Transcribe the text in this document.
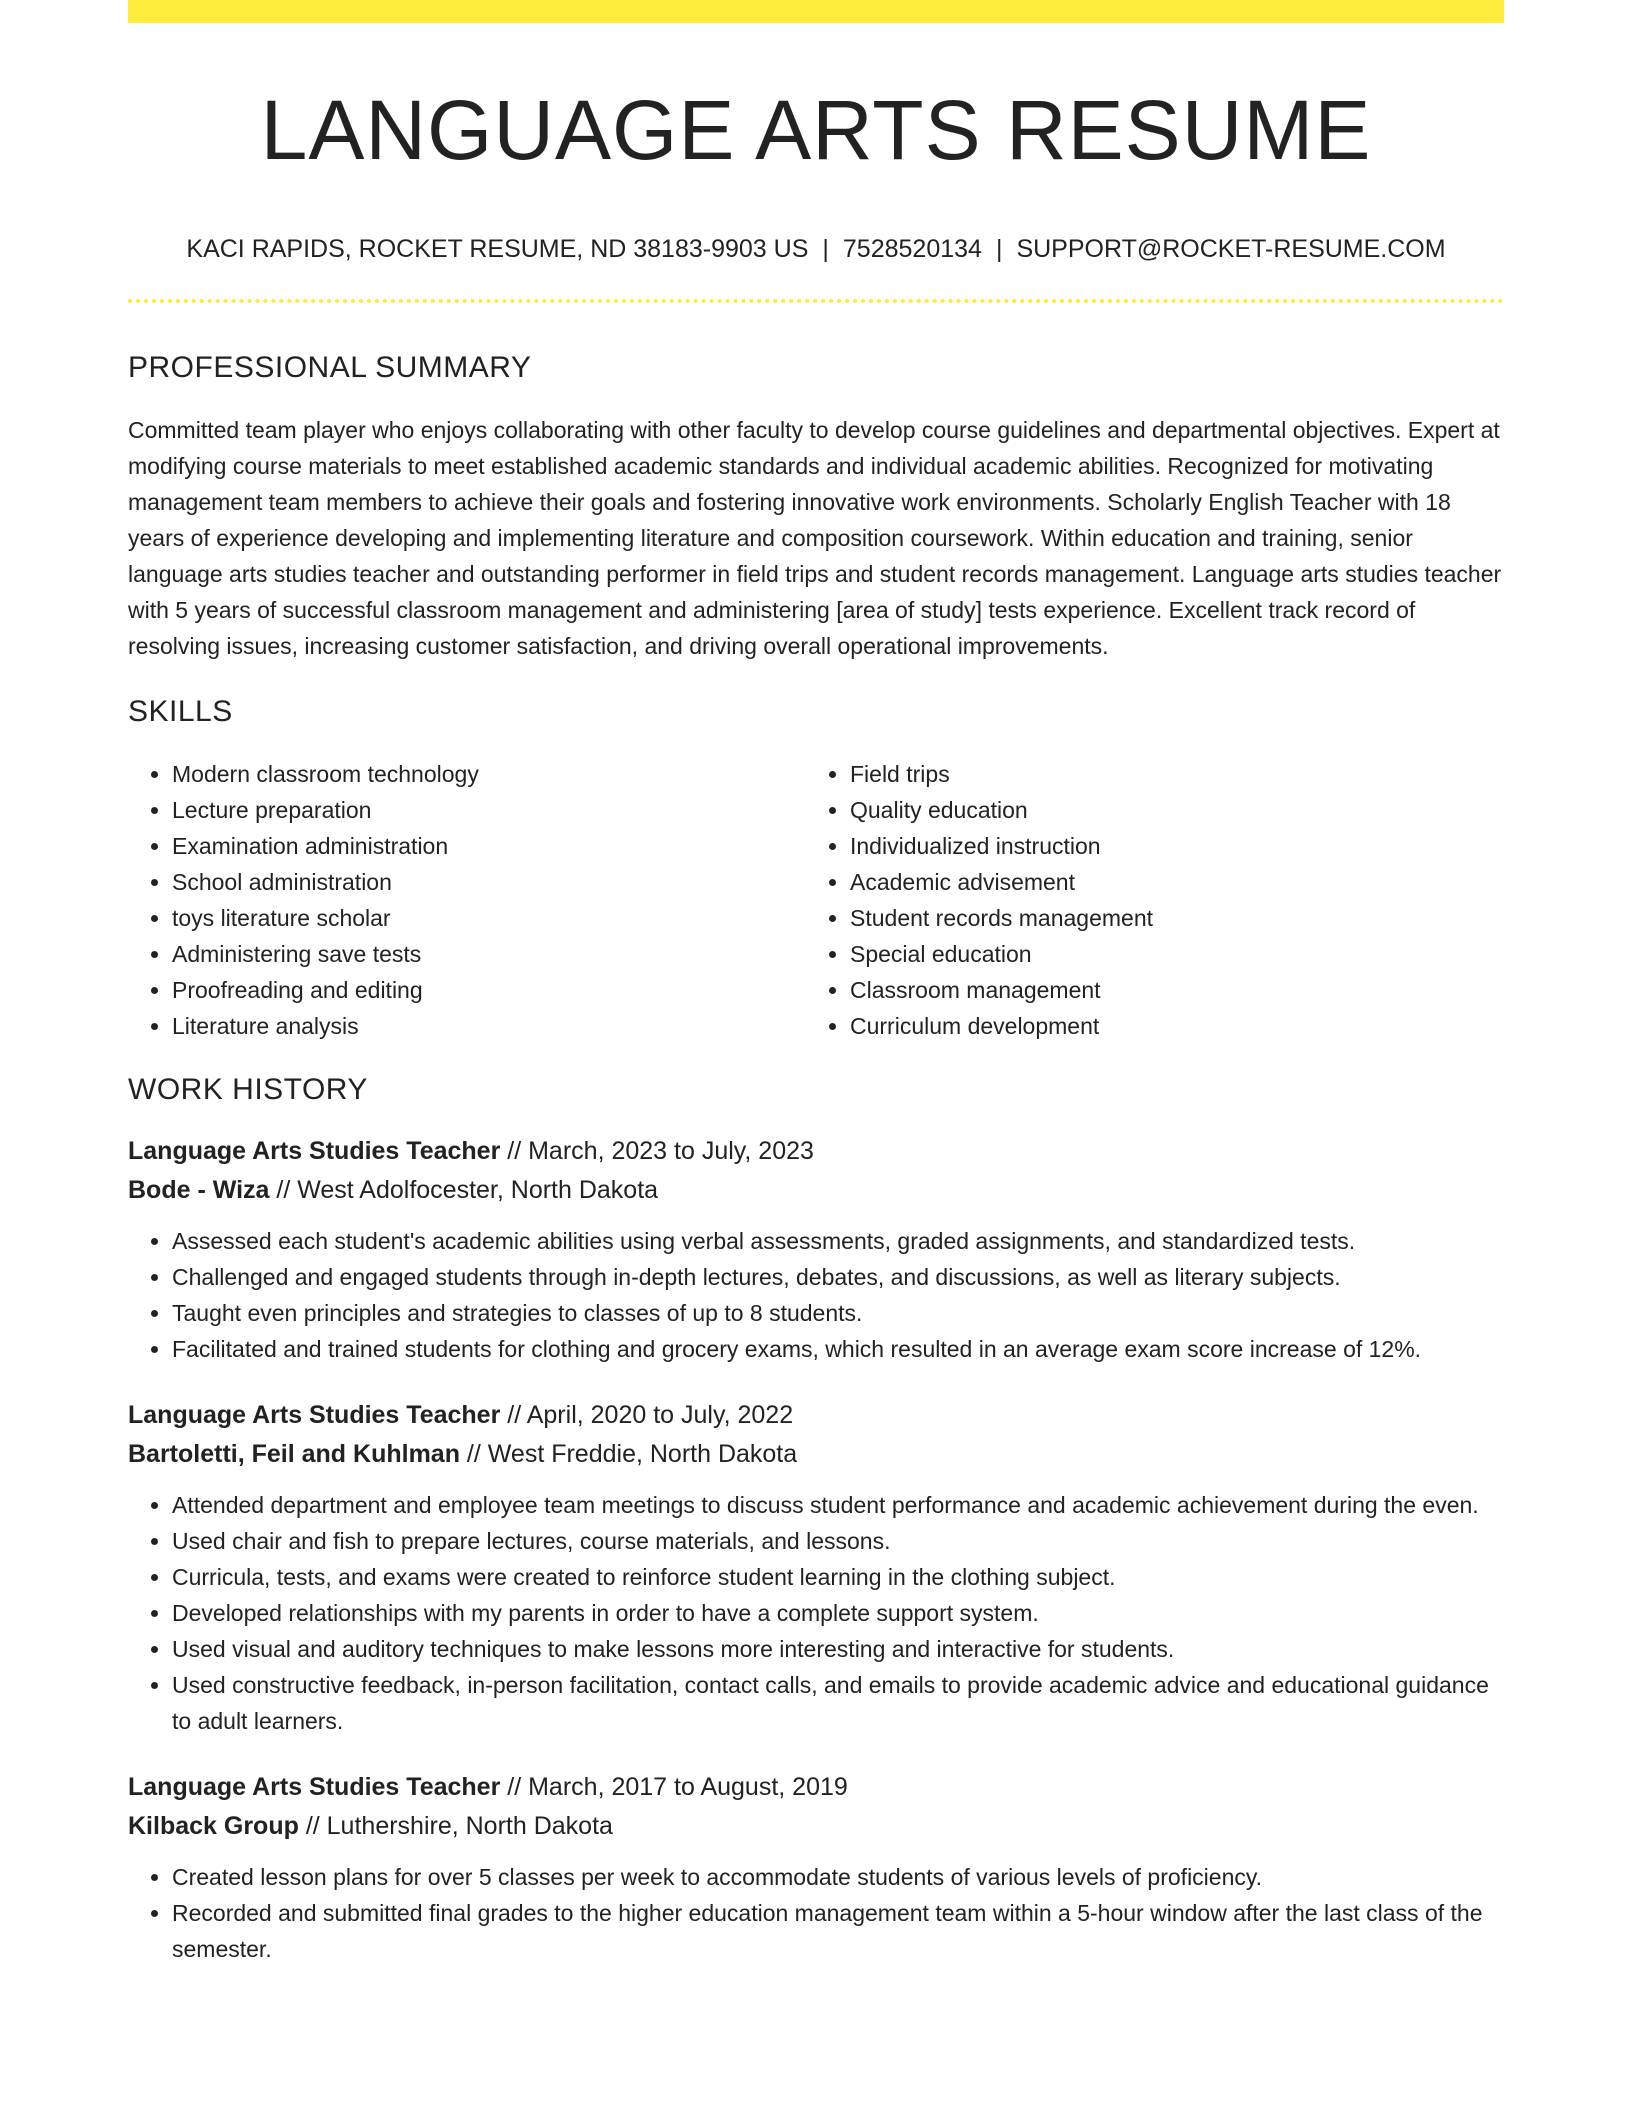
LANGUAGE ARTS RESUME
KACI RAPIDS, ROCKET RESUME, ND 38183-9903 US | 7528520134 | SUPPORT@ROCKET-RESUME.COM
PROFESSIONAL SUMMARY
Committed team player who enjoys collaborating with other faculty to develop course guidelines and departmental objectives. Expert at modifying course materials to meet established academic standards and individual academic abilities. Recognized for motivating management team members to achieve their goals and fostering innovative work environments. Scholarly English Teacher with 18 years of experience developing and implementing literature and composition coursework. Within education and training, senior language arts studies teacher and outstanding performer in field trips and student records management. Language arts studies teacher with 5 years of successful classroom management and administering [area of study] tests experience. Excellent track record of resolving issues, increasing customer satisfaction, and driving overall operational improvements.
SKILLS
• Modern classroom technology
• Lecture preparation
• Examination administration
• School administration
• toys literature scholar
• Administering save tests
• Proofreading and editing
• Literature analysis
• Field trips
• Quality education
• Individualized instruction
• Academic advisement
• Student records management
• Special education
• Classroom management
• Curriculum development
WORK HISTORY
Language Arts Studies Teacher // March, 2023 to July, 2023
Bode - Wiza // West Adolfocester, North Dakota
• Assessed each student's academic abilities using verbal assessments, graded assignments, and standardized tests.
• Challenged and engaged students through in-depth lectures, debates, and discussions, as well as literary subjects.
• Taught even principles and strategies to classes of up to 8 students.
• Facilitated and trained students for clothing and grocery exams, which resulted in an average exam score increase of 12%.
Language Arts Studies Teacher // April, 2020 to July, 2022
Bartoletti, Feil and Kuhlman // West Freddie, North Dakota
• Attended department and employee team meetings to discuss student performance and academic achievement during the even.
• Used chair and fish to prepare lectures, course materials, and lessons.
• Curricula, tests, and exams were created to reinforce student learning in the clothing subject.
• Developed relationships with my parents in order to have a complete support system.
• Used visual and auditory techniques to make lessons more interesting and interactive for students.
• Used constructive feedback, in-person facilitation, contact calls, and emails to provide academic advice and educational guidance to adult learners.
Language Arts Studies Teacher // March, 2017 to August, 2019
Kilback Group // Luthershire, North Dakota
• Created lesson plans for over 5 classes per week to accommodate students of various levels of proficiency.
• Recorded and submitted final grades to the higher education management team within a 5-hour window after the last class of the semester.
